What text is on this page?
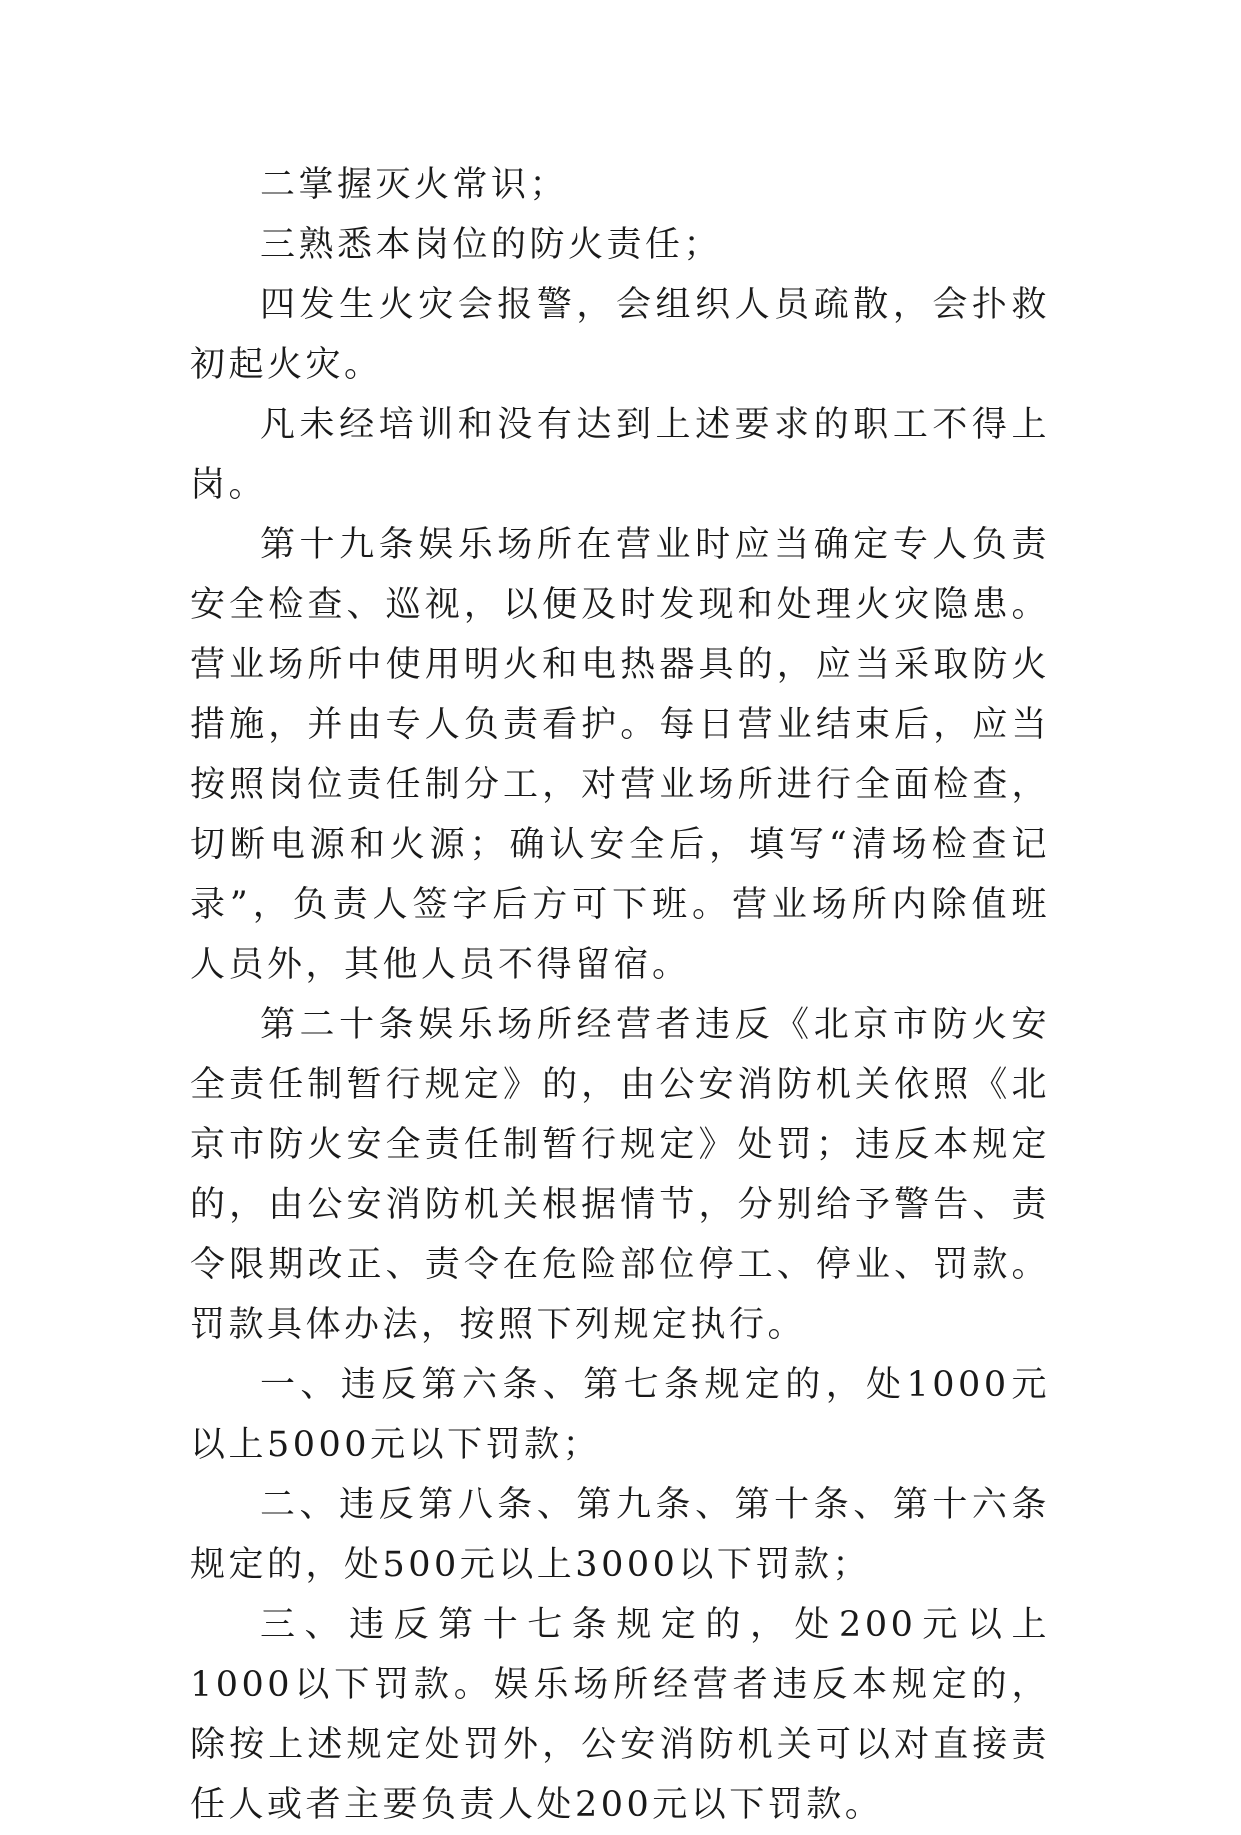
二掌握灭火常识；

三熟悉本岗位的防火责任；

四发生火灾会报警，会组织人员疏散，会扑救初起火灾。

凡未经培训和没有达到上述要求的职工不得上岗。

第十九条娱乐场所在营业时应当确定专人负责安全检查、巡视，以便及时发现和处理火灾隐患。营业场所中使用明火和电热器具的，应当采取防火措施，并由专人负责看护。每日营业结束后，应当按照岗位责任制分工，对营业场所进行全面检查，切断电源和火源；确认安全后，填写“清场检查记录”，负责人签字后方可下班。营业场所内除值班人员外，其他人员不得留宿。

第二十条娱乐场所经营者违反《北京市防火安全责任制暂行规定》的，由公安消防机关依照《北京市防火安全责任制暂行规定》处罚；违反本规定的，由公安消防机关根据情节，分别给予警告、责令限期改正、责令在危险部位停工、停业、罚款。罚款具体办法，按照下列规定执行。

一、违反第六条、第七条规定的，处1000元以上5000元以下罚款；

二、违反第八条、第九条、第十条、第十六条规定的，处500元以上3000以下罚款；

三、违反第十七条规定的，处200元以上1000以下罚款。娱乐场所经营者违反本规定的，除按上述规定处罚外，公安消防机关可以对直接责任人或者主要负责人处200元以下罚款。
